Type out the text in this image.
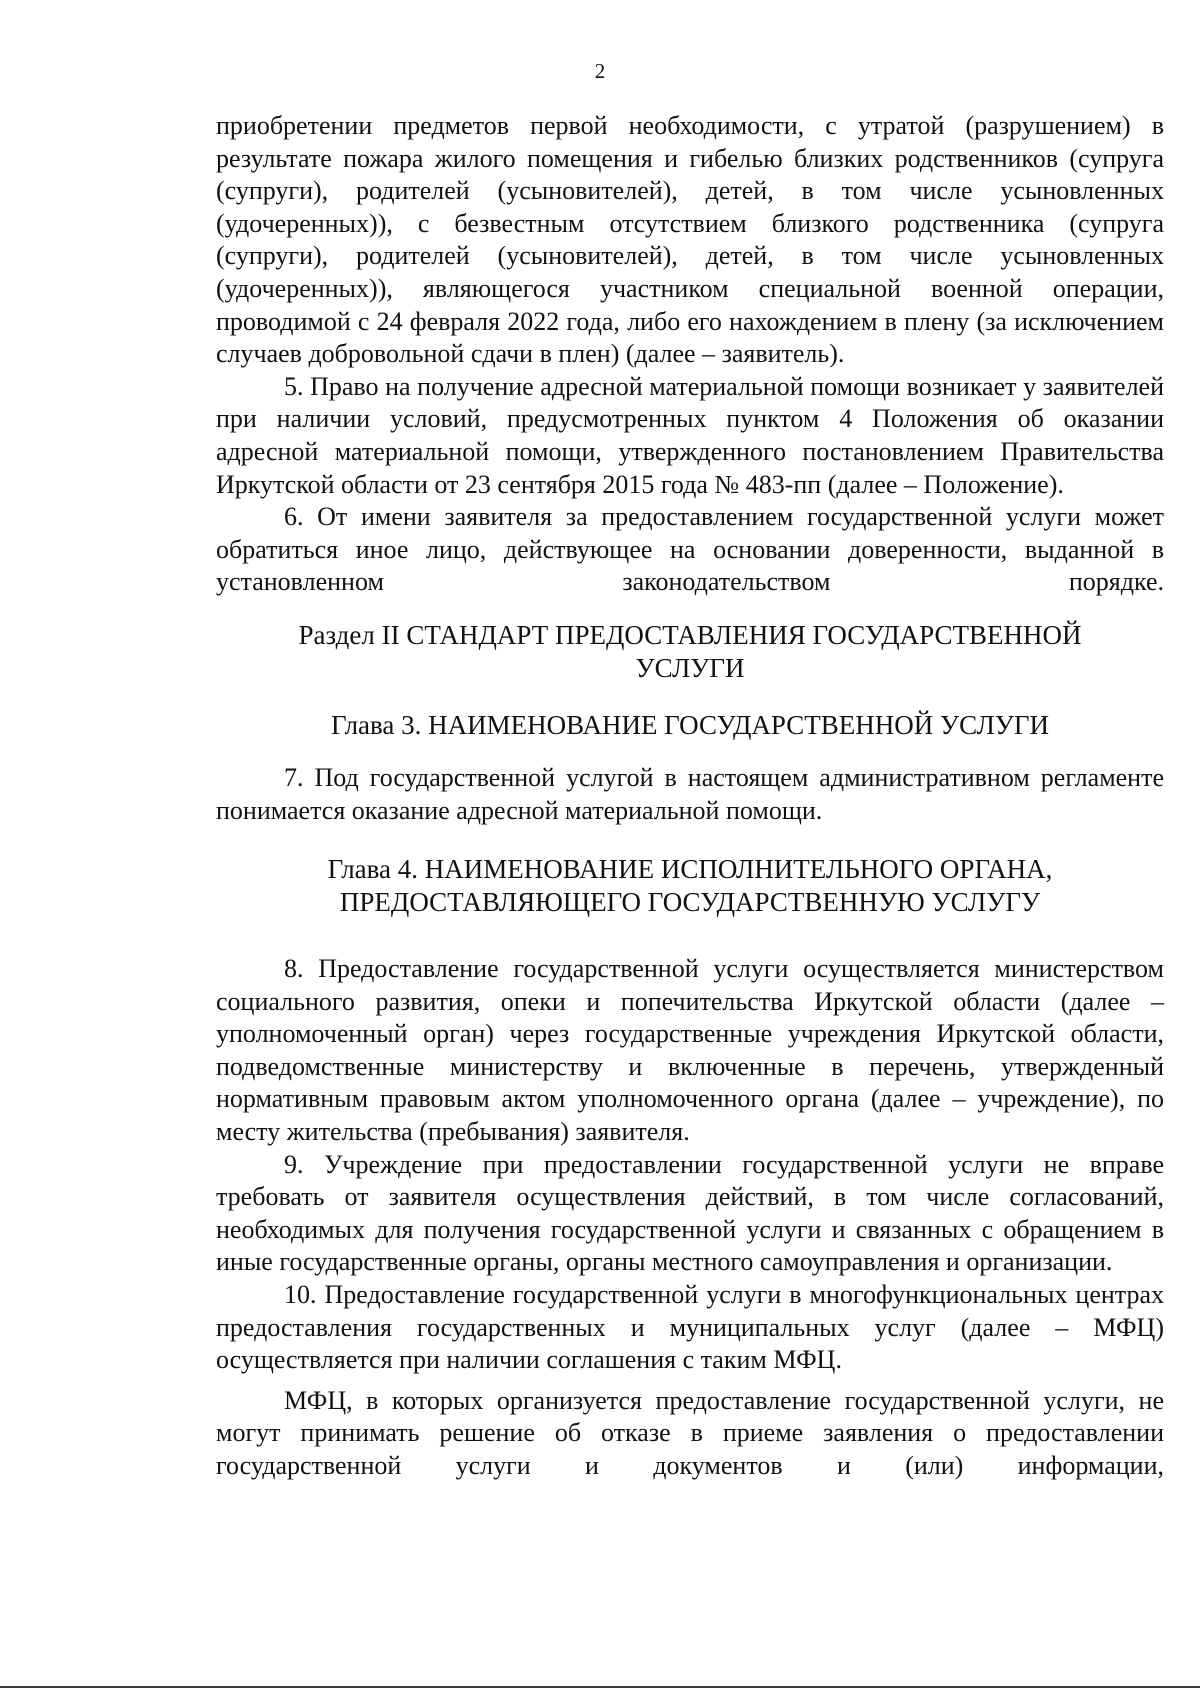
2

приобретении предметов первой необходимости, с утратой (разрушением) в результате пожара жилого помещения и гибелью близких родственников (супруга (супруги), родителей (усыновителей), детей, в том числе усыновленных (удочеренных)), с безвестным отсутствием близкого родственника (супруга (супруги), родителей (усыновителей), детей, в том числе усыновленных (удочеренных)), являющегося участником специальной военной операции, проводимой с 24 февраля 2022 года, либо его нахождением в плену (за исключением случаев добровольной сдачи в плен) (далее – заявитель).

5. Право на получение адресной материальной помощи возникает у заявителей при наличии условий, предусмотренных пунктом 4 Положения об оказании адресной материальной помощи, утвержденного постановлением Правительства Иркутской области от 23 сентября 2015 года № 483-пп (далее – Положение).

6. От имени заявителя за предоставлением государственной услуги может обратиться иное лицо, действующее на основании доверенности, выданной в установленном законодательством порядке.

Раздел II СТАНДАРТ ПРЕДОСТАВЛЕНИЯ ГОСУДАРСТВЕННОЙ

УСЛУГИ

Глава 3. НАИМЕНОВАНИЕ ГОСУДАРСТВЕННОЙ УСЛУГИ

7. Под государственной услугой в настоящем административном регламенте понимается оказание адресной материальной помощи.

Глава 4. НАИМЕНОВАНИЕ ИСПОЛНИТЕЛЬНОГО ОРГАНА,

ПРЕДОСТАВЛЯЮЩЕГО ГОСУДАРСТВЕННУЮ УСЛУГУ

8. Предоставление государственной услуги осуществляется министерством социального развития, опеки и попечительства Иркутской области (далее – уполномоченный орган) через государственные учреждения Иркутской области, подведомственные министерству и включенные в перечень, утвержденный нормативным правовым актом уполномоченного органа (далее – учреждение), по месту жительства (пребывания) заявителя.

9. Учреждение при предоставлении государственной услуги не вправе требовать от заявителя осуществления действий, в том числе согласований, необходимых для получения государственной услуги и связанных с обращением в иные государственные органы, органы местного самоуправления и организации.

10. Предоставление государственной услуги в многофункциональных центрах предоставления государственных и муниципальных услуг (далее – МФЦ) осуществляется при наличии соглашения с таким МФЦ.

МФЦ, в которых организуется предоставление государственной услуги, не могут принимать решение об отказе в приеме заявления о предоставлении государственной услуги и документов и (или) информации,
